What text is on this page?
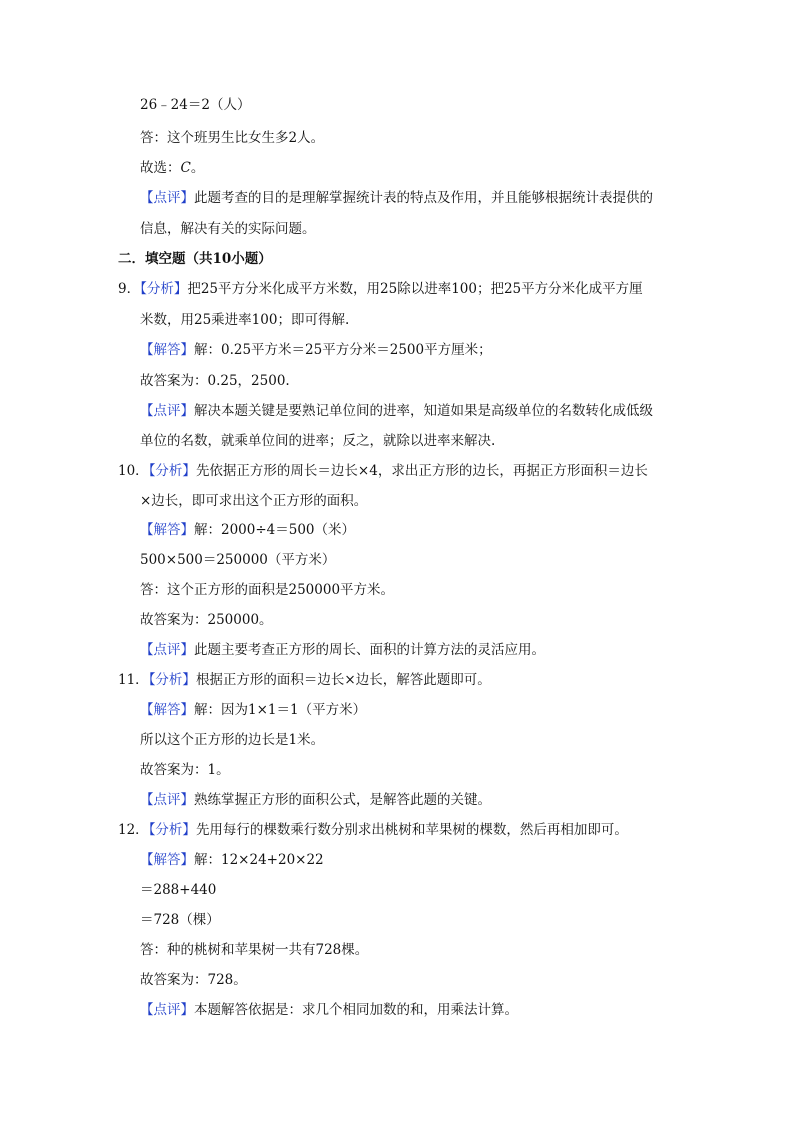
26﹣24＝2（人）
答：这个班男生比女生多2人。
故选：C。
【点评】此题考查的目的是理解掌握统计表的特点及作用，并且能够根据统计表提供的
信息，解决有关的实际问题。
二．填空题（共10小题）
9．【分析】把25平方分米化成平方米数，用25除以进率100；把25平方分米化成平方厘
米数，用25乘进率100；即可得解.
【解答】解：0.25平方米＝25平方分米＝2500平方厘米；
故答案为：0.25，2500.
【点评】解决本题关键是要熟记单位间的进率，知道如果是高级单位的名数转化成低级
单位的名数，就乘单位间的进率；反之，就除以进率来解决.
10．【分析】先依据正方形的周长＝边长×4，求出正方形的边长，再据正方形面积＝边长
×边长，即可求出这个正方形的面积。
【解答】解：2000÷4＝500（米）
500×500＝250000（平方米）
答：这个正方形的面积是250000平方米。
故答案为：250000。
【点评】此题主要考查正方形的周长、面积的计算方法的灵活应用。
11．【分析】根据正方形的面积＝边长×边长，解答此题即可。
【解答】解：因为1×1＝1（平方米）
所以这个正方形的边长是1米。
故答案为：1。
【点评】熟练掌握正方形的面积公式，是解答此题的关键。
12．【分析】先用每行的棵数乘行数分别求出桃树和苹果树的棵数，然后再相加即可。
【解答】解：12×24+20×22
＝288+440
＝728（棵）
答：种的桃树和苹果树一共有728棵。
故答案为：728。
【点评】本题解答依据是：求几个相同加数的和，用乘法计算。
